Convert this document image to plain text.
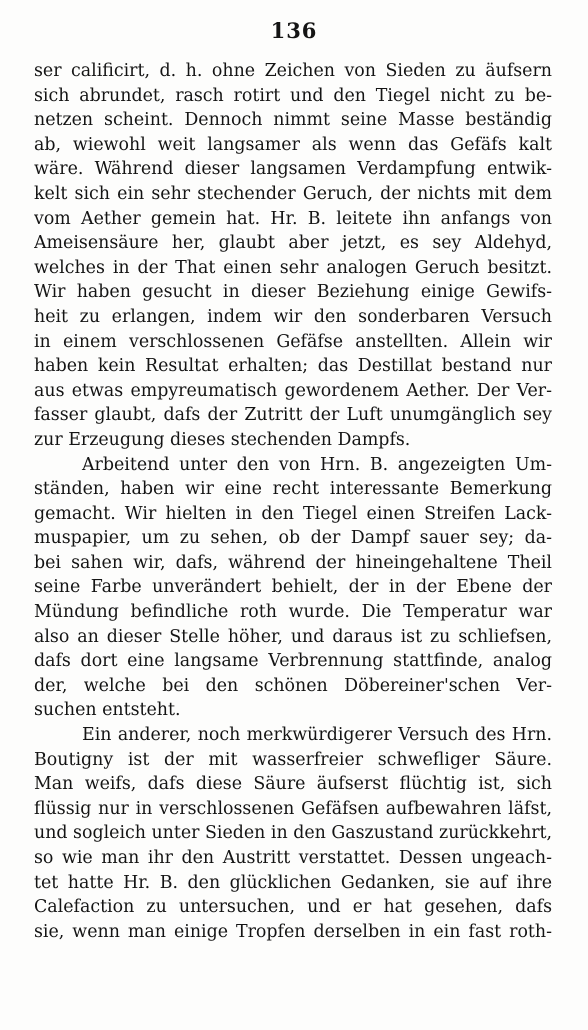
136
ser calificirt, d. h. ohne Zeichen von Sieden zu äufsern
sich abrundet, rasch rotirt und den Tiegel nicht zu be-
netzen scheint. Dennoch nimmt seine Masse beständig
ab, wiewohl weit langsamer als wenn das Gefäfs kalt
wäre. Während dieser langsamen Verdampfung entwik-
kelt sich ein sehr stechender Geruch, der nichts mit dem
vom Aether gemein hat. Hr. B. leitete ihn anfangs von
Ameisensäure her, glaubt aber jetzt, es sey Aldehyd,
welches in der That einen sehr analogen Geruch besitzt.
Wir haben gesucht in dieser Beziehung einige Gewifs-
heit zu erlangen, indem wir den sonderbaren Versuch
in einem verschlossenen Gefäfse anstellten. Allein wir
haben kein Resultat erhalten; das Destillat bestand nur
aus etwas empyreumatisch gewordenem Aether. Der Ver-
fasser glaubt, dafs der Zutritt der Luft unumgänglich sey
zur Erzeugung dieses stechenden Dampfs.
Arbeitend unter den von Hrn. B. angezeigten Um-
ständen, haben wir eine recht interessante Bemerkung
gemacht. Wir hielten in den Tiegel einen Streifen Lack-
muspapier, um zu sehen, ob der Dampf sauer sey; da-
bei sahen wir, dafs, während der hineingehaltene Theil
seine Farbe unverändert behielt, der in der Ebene der
Mündung befindliche roth wurde. Die Temperatur war
also an dieser Stelle höher, und daraus ist zu schliefsen,
dafs dort eine langsame Verbrennung stattfinde, analog
der, welche bei den schönen Döbereiner'schen Ver-
suchen entsteht.
Ein anderer, noch merkwürdigerer Versuch des Hrn.
Boutigny ist der mit wasserfreier schwefliger Säure.
Man weifs, dafs diese Säure äufserst flüchtig ist, sich
flüssig nur in verschlossenen Gefäfsen aufbewahren läfst,
und sogleich unter Sieden in den Gaszustand zurückkehrt,
so wie man ihr den Austritt verstattet. Dessen ungeach-
tet hatte Hr. B. den glücklichen Gedanken, sie auf ihre
Calefaction zu untersuchen, und er hat gesehen, dafs
sie, wenn man einige Tropfen derselben in ein fast roth-
